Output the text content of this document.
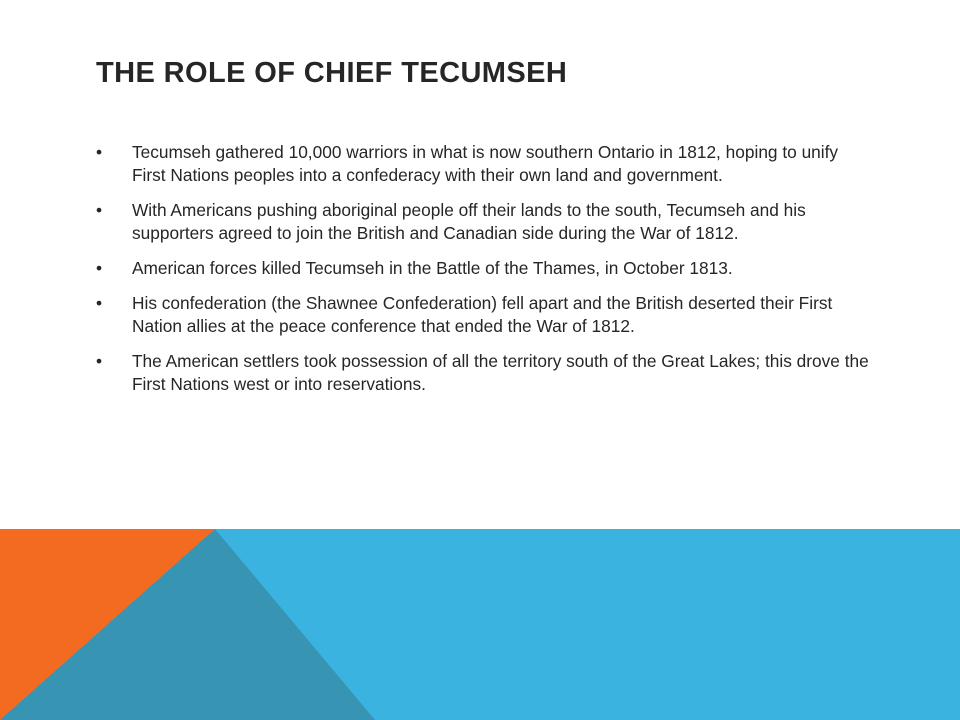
THE ROLE OF CHIEF TECUMSEH
•	Tecumseh gathered 10,000 warriors in what is now southern Ontario in 1812, hoping to unify First Nations peoples into a confederacy with their own land and government.
•	With Americans pushing aboriginal people off their lands to the south, Tecumseh and his supporters agreed to join the British and Canadian side during the War of 1812.
•	American forces killed Tecumseh in the Battle of the Thames, in October 1813.
•	His confederation (the Shawnee Confederation) fell apart and the British deserted their First Nation allies at the peace conference that ended the War of 1812.
•	The American settlers took possession of all the territory south of the Great Lakes; this drove the First Nations west or into reservations.
